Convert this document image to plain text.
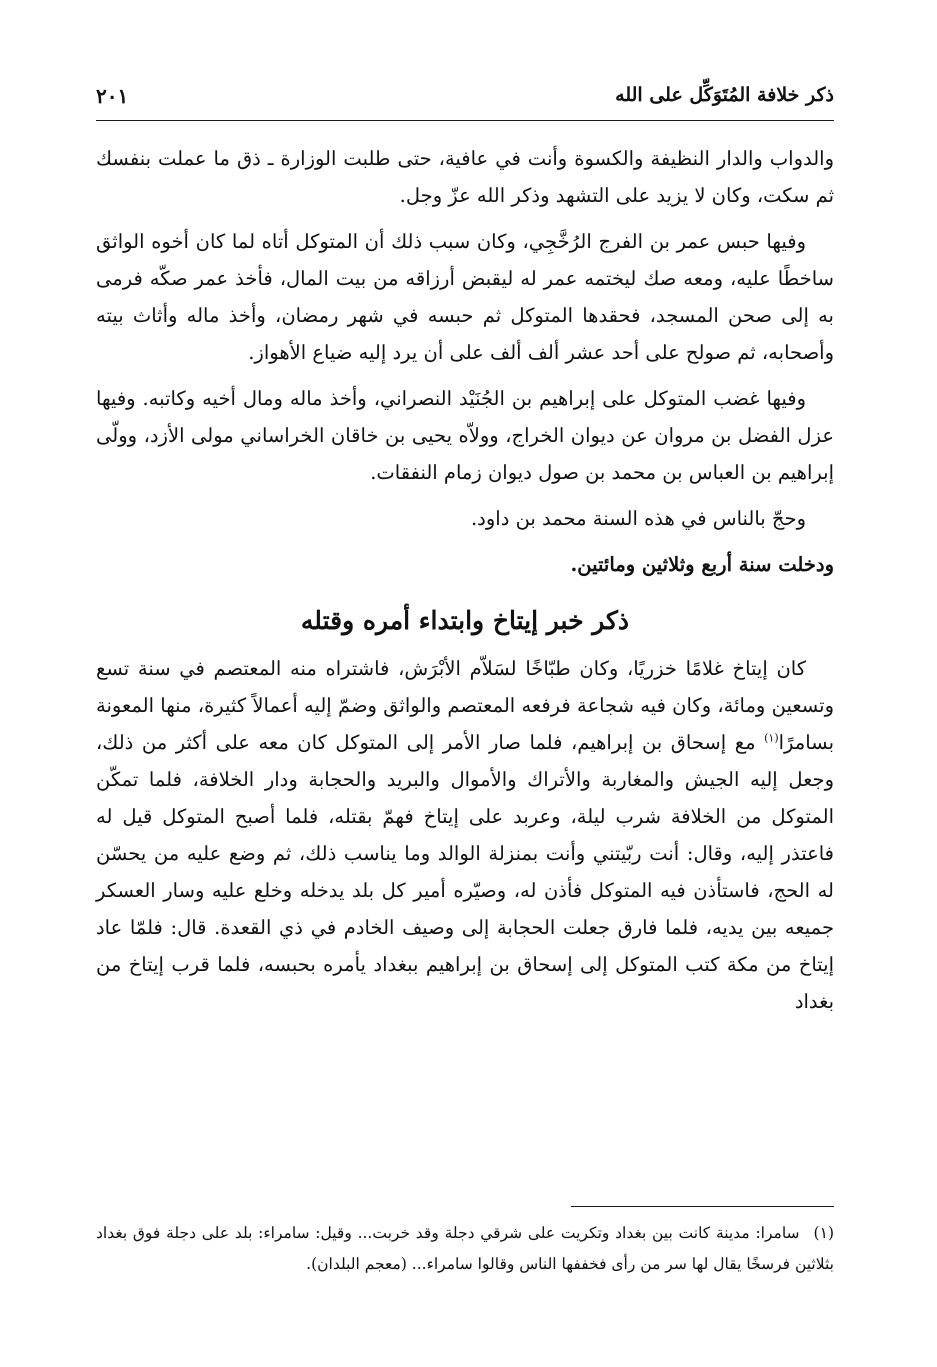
ذكر خلافة المُتَوَكِّل على الله
٢٠١

والدواب والدار النظيفة والكسوة وأنت في عافية، حتى طلبت الوزارة ـ ذق ما عملت بنفسك ثم سكت، وكان لا يزيد على التشهد وذكر الله عزّ وجل.

وفيها حبس عمر بن الفرج الرُخَّجِي، وكان سبب ذلك أن المتوكل أتاه لما كان أخوه الواثق ساخطًا عليه، ومعه صك ليختمه عمر له ليقبض أرزاقه من بيت المال، فأخذ عمر صكّه فرمى به إلى صحن المسجد، فحقدها المتوكل ثم حبسه في شهر رمضان، وأخذ ماله وأثاث بيته وأصحابه، ثم صولح على أحد عشر ألف ألف على أن يرد إليه ضياع الأهواز.

وفيها غضب المتوكل على إبراهيم بن الجُنَيْد النصراني، وأخذ ماله ومال أخيه وكاتبه. وفيها عزل الفضل بن مروان عن ديوان الخراج، وولاّه يحيى بن خاقان الخراساني مولى الأزد، وولّى إبراهيم بن العباس بن محمد بن صول ديوان زمام النفقات.

وحجّ بالناس في هذه السنة محمد بن داود.

ودخلت سنة أربع وثلاثين ومائتين.

ذكر خبر إيتاخ وابتداء أمره وقتله

كان إيتاخ غلامًا خزريًا، وكان طبّاخًا لسَلاّم الأبْرَش، فاشتراه منه المعتصم في سنة تسع وتسعين ومائة، وكان فيه شجاعة فرفعه المعتصم والواثق وضمّ إليه أعمالاً كثيرة، منها المعونة بسامرًا$^{(١)}$ مع إسحاق بن إبراهيم، فلما صار الأمر إلى المتوكل كان معه على أكثر من ذلك، وجعل إليه الجيش والمغاربة والأتراك والأموال والبريد والحجابة ودار الخلافة، فلما تمكّن المتوكل من الخلافة شرب ليلة، وعربد على إيتاخ فهمّ بقتله، فلما أصبح المتوكل قيل له فاعتذر إليه، وقال: أنت ربّيتني وأنت بمنزلة الوالد وما يناسب ذلك، ثم وضع عليه من يحسّن له الحج، فاستأذن فيه المتوكل فأذن له، وصيّره أمير كل بلد يدخله وخلع عليه وسار العسكر جميعه بين يديه، فلما فارق جعلت الحجابة إلى وصيف الخادم في ذي القعدة. قال: فلمّا عاد إيتاخ من مكة كتب المتوكل إلى إسحاق بن إبراهيم ببغداد يأمره بحبسه، فلما قرب إيتاخ من بغداد

(١)سامرا: مدينة كانت بين بغداد وتكريت على شرقي دجلة وقد خربت... وقيل: سامراء: بلد على دجلة فوق بغداد بثلاثين فرسخًا يقال لها سر من رأى فخففها الناس وقالوا سامراء... (معجم البلدان).
